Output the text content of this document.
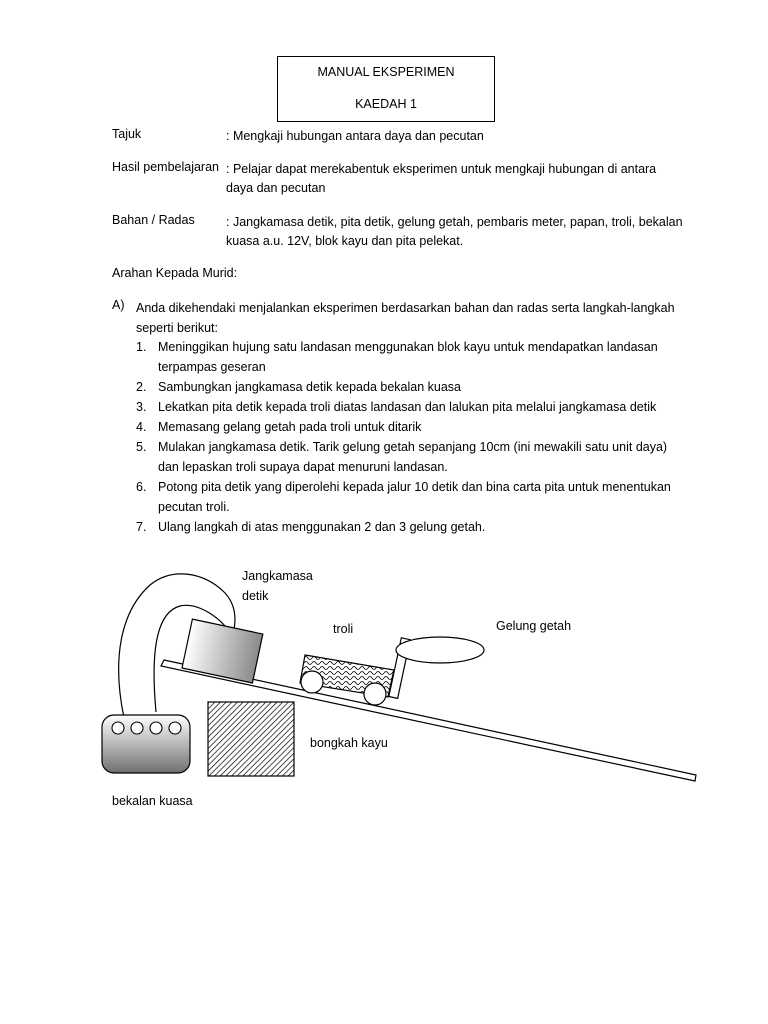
MANUAL EKSPERIMEN
KAEDAH 1
Tajuk	: Mengkaji hubungan antara daya dan pecutan
Hasil pembelajaran : Pelajar dapat merekabentuk eksperimen untuk mengkaji hubungan di antara daya dan pecutan
Bahan / Radas	: Jangkamasa detik, pita detik, gelung getah, pembaris meter, papan, troli, bekalan kuasa a.u. 12V, blok kayu dan pita pelekat.
Arahan Kepada Murid:
A) Anda dikehendaki menjalankan eksperimen berdasarkan bahan dan radas serta langkah-langkah seperti berikut:
1. Meninggikan hujung satu landasan menggunakan blok kayu untuk mendapatkan landasan terpampas geseran
2. Sambungkan jangkamasa detik kepada bekalan kuasa
3. Lekatkan pita detik kepada troli diatas landasan dan lalukan pita melalui jangkamasa detik
4. Memasang gelang getah pada troli untuk ditarik
5. Mulakan jangkamasa detik. Tarik gelung getah sepanjang 10cm (ini mewakili satu unit daya) dan lepaskan troli supaya dapat menuruni landasan.
6. Potong pita detik yang diperolehi kepada jalur 10 detik dan bina carta pita untuk menentukan pecutan troli.
7. Ulang langkah di atas menggunakan 2 dan 3 gelung getah.
Jangkamasa detik
troli	Gelung getah
bongkah kayu
bekalan kuasa
